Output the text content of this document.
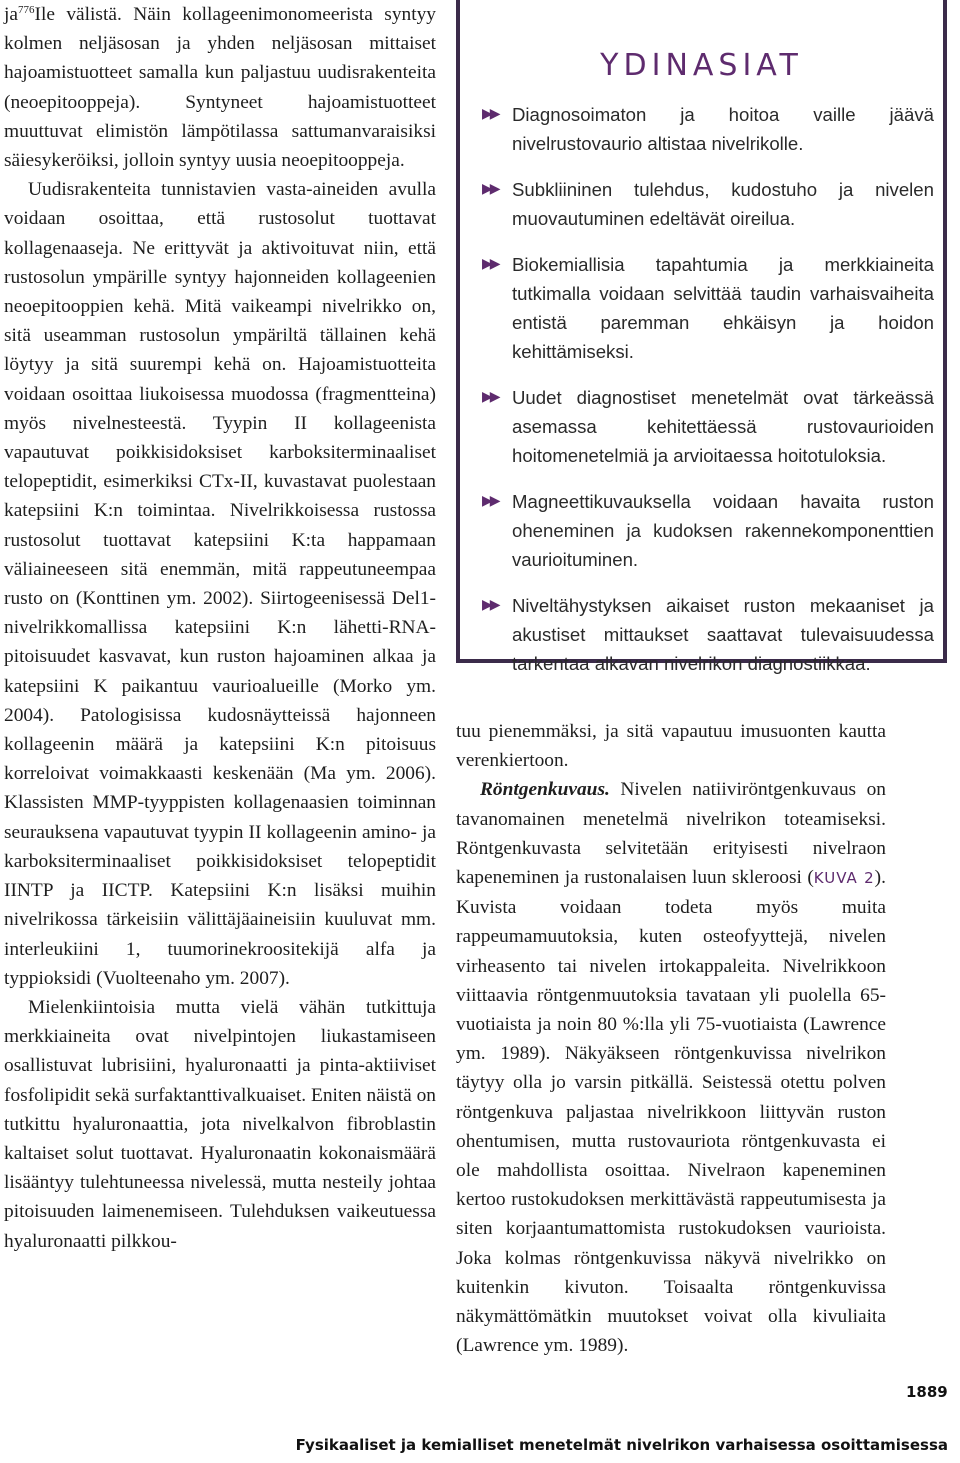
$ja^{776}Ile$ välistä. Näin kollageenimonomeerista syntyy kolmen neljäsosan ja yhden neljäsosan mittaiset hajoamistuotteet samalla kun paljastuu uudisrakenteita (neoepitooppeja). Syntyneet hajoamistuotteet muuttuvat elimistön lämpötilassa sattumanvaraisiksi säiesykeröiksi, jolloin syntyy uusia neoepitooppeja.

Uudisrakenteita tunnistavien vasta-aineiden avulla voidaan osoittaa, että rustosolut tuottavat kollagenaaseja. Ne erittyvät ja aktivoituvat niin, että rustosolun ympärille syntyy hajonneiden kollageenien neoepitooppien kehä. Mitä vaikeampi nivelrikko on, sitä useamman rustosolun ympäriltä tällainen kehä löytyy ja sitä suurempi kehä on. Hajoamistuotteita voidaan osoittaa liukoisessa muodossa (fragmentteina) myös nivelnesteestä. Tyypin II kollageenista vapautuvat poikkisidoksiset karboksiterminaaliset telopeptidit, esimerkiksi CTx-II, kuvastavat puolestaan katepsiini K:n toimintaa. Nivelrikkoisessa rustossa rustosolut tuottavat katepsiini K:ta happamaan väliaineeseen sitä enemmän, mitä rappeutuneempaa rusto on (Konttinen ym. 2002). Siirtogeenisessä Del1-nivelrikkomallissa katepsiini K:n lähetti-RNA-pitoisuudet kasvavat, kun ruston hajoaminen alkaa ja katepsiini K paikantuu vaurioalueille (Morko ym. 2004). Patologisissa kudosnäytteissä hajonneen kollageenin määrä ja katepsiini K:n pitoisuus korreloivat voimakkaasti keskenään (Ma ym. 2006). Klassisten MMP-tyyppisten kollagenaasien toiminnan seurauksena vapautuvat tyypin II kollageenin amino- ja karboksiterminaaliset poikkisidoksiset telopeptidit IINTP ja IICTP. Katepsiini K:n lisäksi muihin nivelrikossa tärkeisiin välittäjäaineisiin kuuluvat mm. interleukiini 1, tuumorinekroositekijä alfa ja typpioksidi (Vuolteenaho ym. 2007).

Mielenkiintoisia mutta vielä vähän tutkittuja merkkiaineita ovat nivelpintojen liukastamiseen osallistuvat lubrisiini, hyaluronaatti ja pinta-aktiiviset fosfolipidit sekä surfaktanttivalkuaiset. Eniten näistä on tutkittu hyaluronaattia, jota nivelkalvon fibroblastin kaltaiset solut tuottavat. Hyaluronaatin kokonaismäärä lisääntyy tulehtuneessa nivelessä, mutta nesteily johtaa pitoisuuden laimenemiseen. Tulehduksen vaikeutuessa hyaluronaatti pilkkou-

YDINASIAT
▶▶ Diagnosoimaton ja hoitoa vaille jäävä nivelrustovaurio altistaa nivelrikolle.
▶▶ Subkliininen tulehdus, kudostuho ja nivelen muovautuminen edeltävät oireilua.
▶▶ Biokemiallisia tapahtumia ja merkkiaineita tutkimalla voidaan selvittää taudin varhaisvaiheita entistä paremman ehkäisyn ja hoidon kehittämiseksi.
▶▶ Uudet diagnostiset menetelmät ovat tärkeässä asemassa kehitettäessä rustovaurioiden hoitomenetelmiä ja arvioitaessa hoitotuloksia.
▶▶ Magneettikuvauksella voidaan havaita ruston oheneminen ja kudoksen rakennekomponenttien vaurioituminen.
▶▶ Niveltähystyksen aikaiset ruston mekaaniset ja akustiset mittaukset saattavat tulevaisuudessa tarkentaa alkavan nivelrikon diagnostiikkaa.

tuu pienemmäksi, ja sitä vapautuu imusuonten kautta verenkiertoon.

Röntgenkuvaus. Nivelen natiiviröntgenkuvaus on tavanomainen menetelmä nivelrikon toteamiseksi. Röntgenkuvasta selvitetään erityisesti nivelraon kapeneminen ja rustonalaisen luun skleroosi (KUVA 2). Kuvista voidaan todeta myös muita rappeumamuutoksia, kuten osteofyyttejä, nivelen virheasento tai nivelen irtokappaleita. Nivelrikkoon viittaavia röntgenmuutoksia tavataan yli puolella 65-vuotiaista ja noin 80 %:lla yli 75-vuotiaista (Lawrence ym. 1989). Näkyäkseen röntgenkuvissa nivelrikon täytyy olla jo varsin pitkällä. Seistessä otettu polven röntgenkuva paljastaa nivelrikkoon liittyvän ruston ohentumisen, mutta rustovauriota röntgenkuvasta ei ole mahdollista osoittaa. Nivelraon kapeneminen kertoo rustokudoksen merkittävästä rappeutumisesta ja siten korjaantumattomista rustokudoksen vaurioista. Joka kolmas röntgenkuvissa näkyvä nivelrikko on kuitenkin kivuton. Toisaalta röntgenkuvissa näkymättömätkin muutokset voivat olla kivuliaita (Lawrence ym. 1989).

1889
Fysikaaliset ja kemialliset menetelmät nivelrikon varhaisessa osoittamisessa
